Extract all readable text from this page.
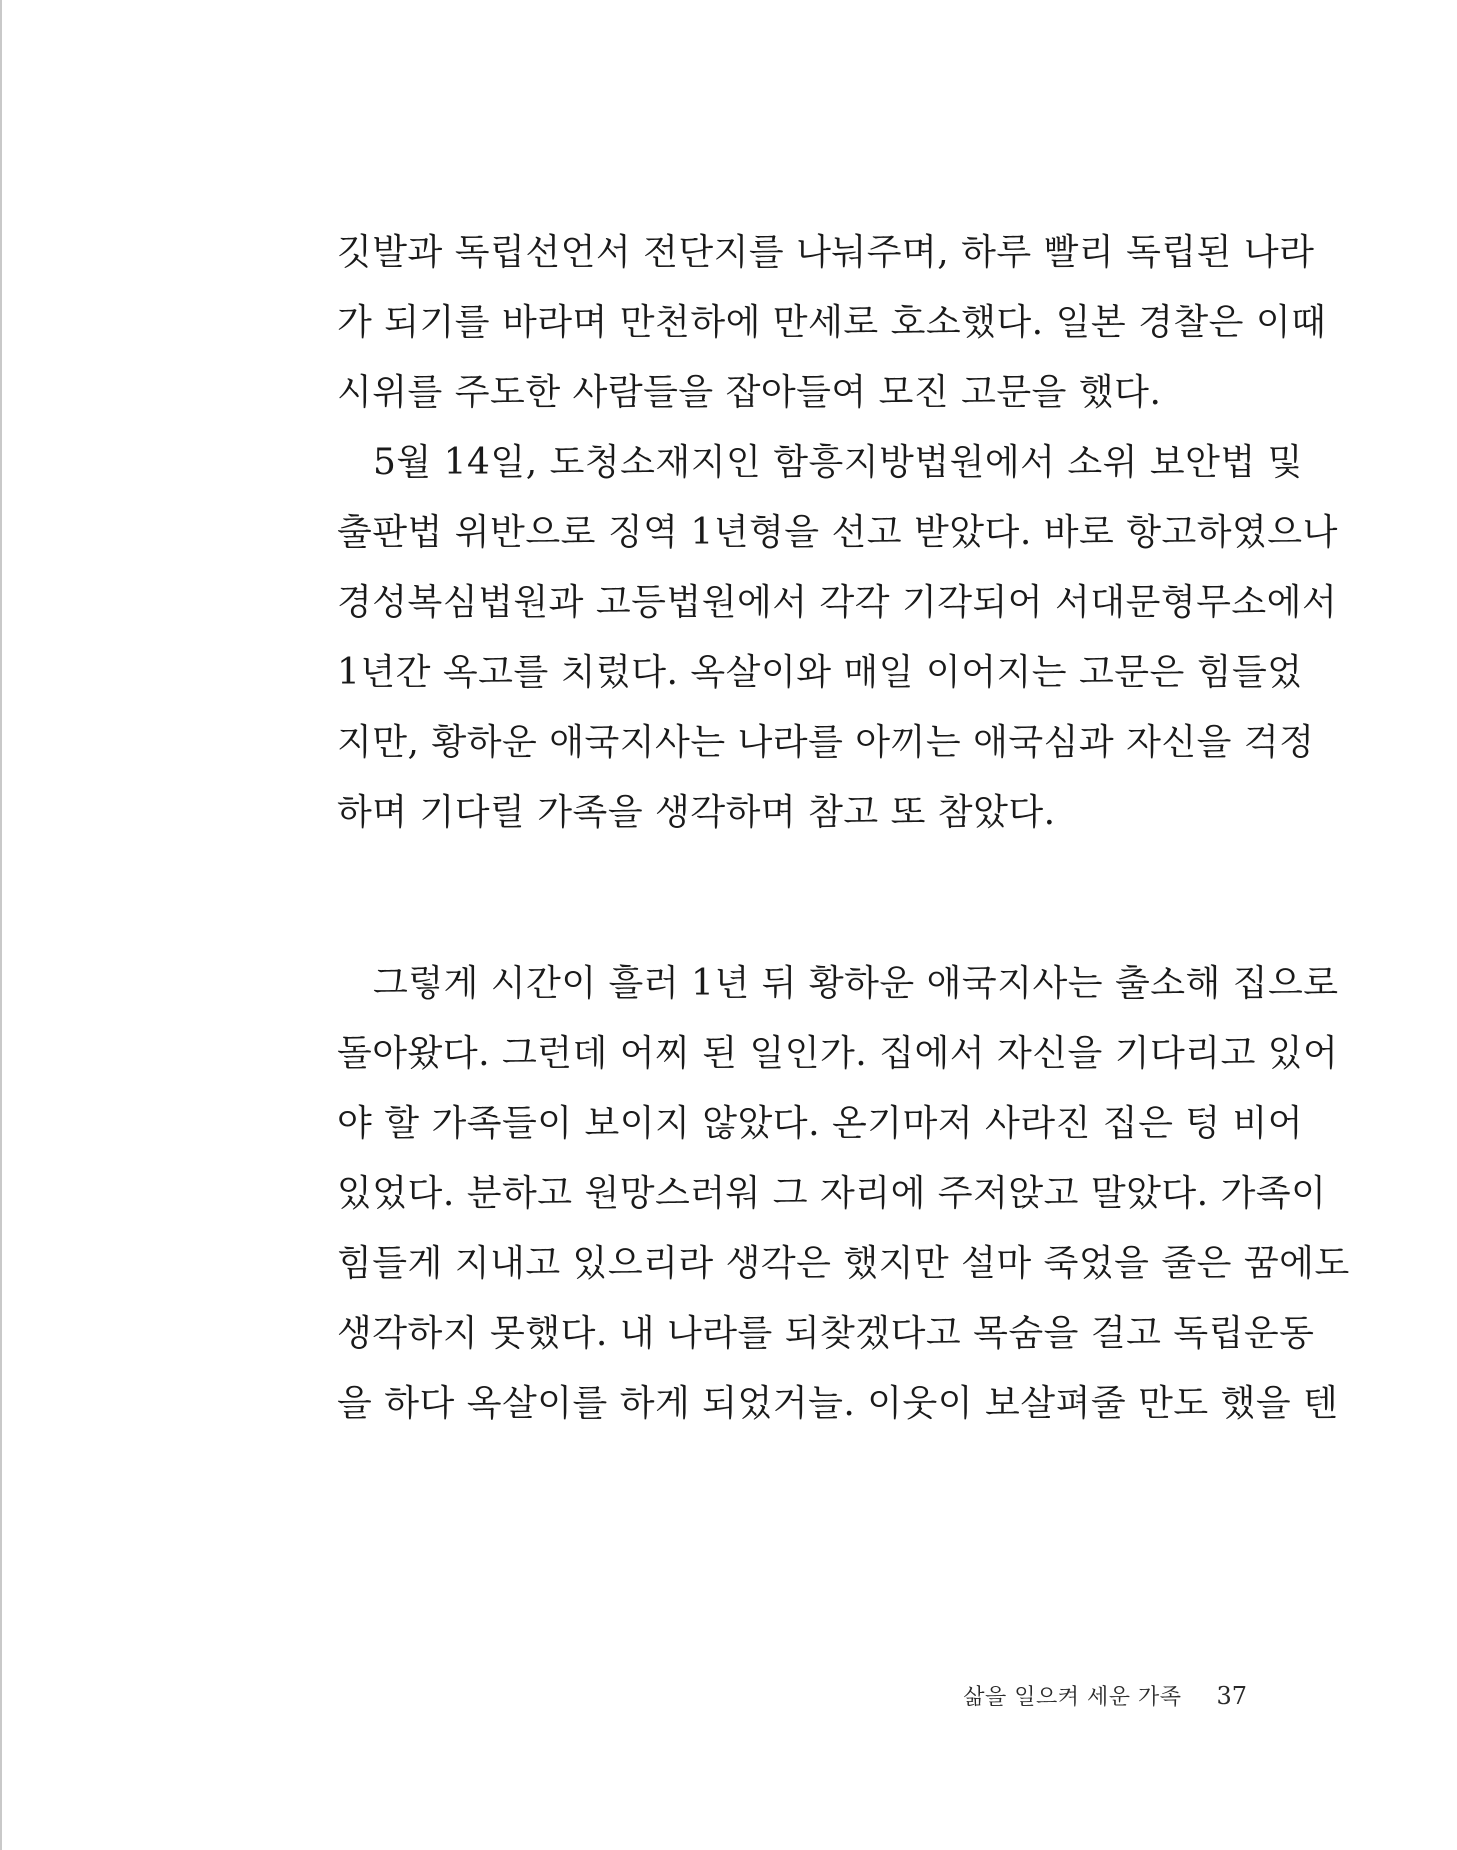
깃발과 독립선언서 전단지를 나눠주며, 하루 빨리 독립된 나라
가 되기를 바라며 만천하에 만세로 호소했다. 일본 경찰은 이때
시위를 주도한 사람들을 잡아들여 모진 고문을 했다.
5월 14일, 도청소재지인 함흥지방법원에서 소위 보안법 및
출판법 위반으로 징역 1년형을 선고 받았다. 바로 항고하였으나
경성복심법원과 고등법원에서 각각 기각되어 서대문형무소에서
1년간 옥고를 치렀다. 옥살이와 매일 이어지는 고문은 힘들었
지만, 황하운 애국지사는 나라를 아끼는 애국심과 자신을 걱정
하며 기다릴 가족을 생각하며 참고 또 참았다.
그렇게 시간이 흘러 1년 뒤 황하운 애국지사는 출소해 집으로
돌아왔다. 그런데 어찌 된 일인가. 집에서 자신을 기다리고 있어
야 할 가족들이 보이지 않았다. 온기마저 사라진 집은 텅 비어
있었다. 분하고 원망스러워 그 자리에 주저앉고 말았다. 가족이
힘들게 지내고 있으리라 생각은 했지만 설마 죽었을 줄은 꿈에도
생각하지 못했다. 내 나라를 되찾겠다고 목숨을 걸고 독립운동
을 하다 옥살이를 하게 되었거늘. 이웃이 보살펴줄 만도 했을 텐
삶을 일으켜 세운 가족 37
